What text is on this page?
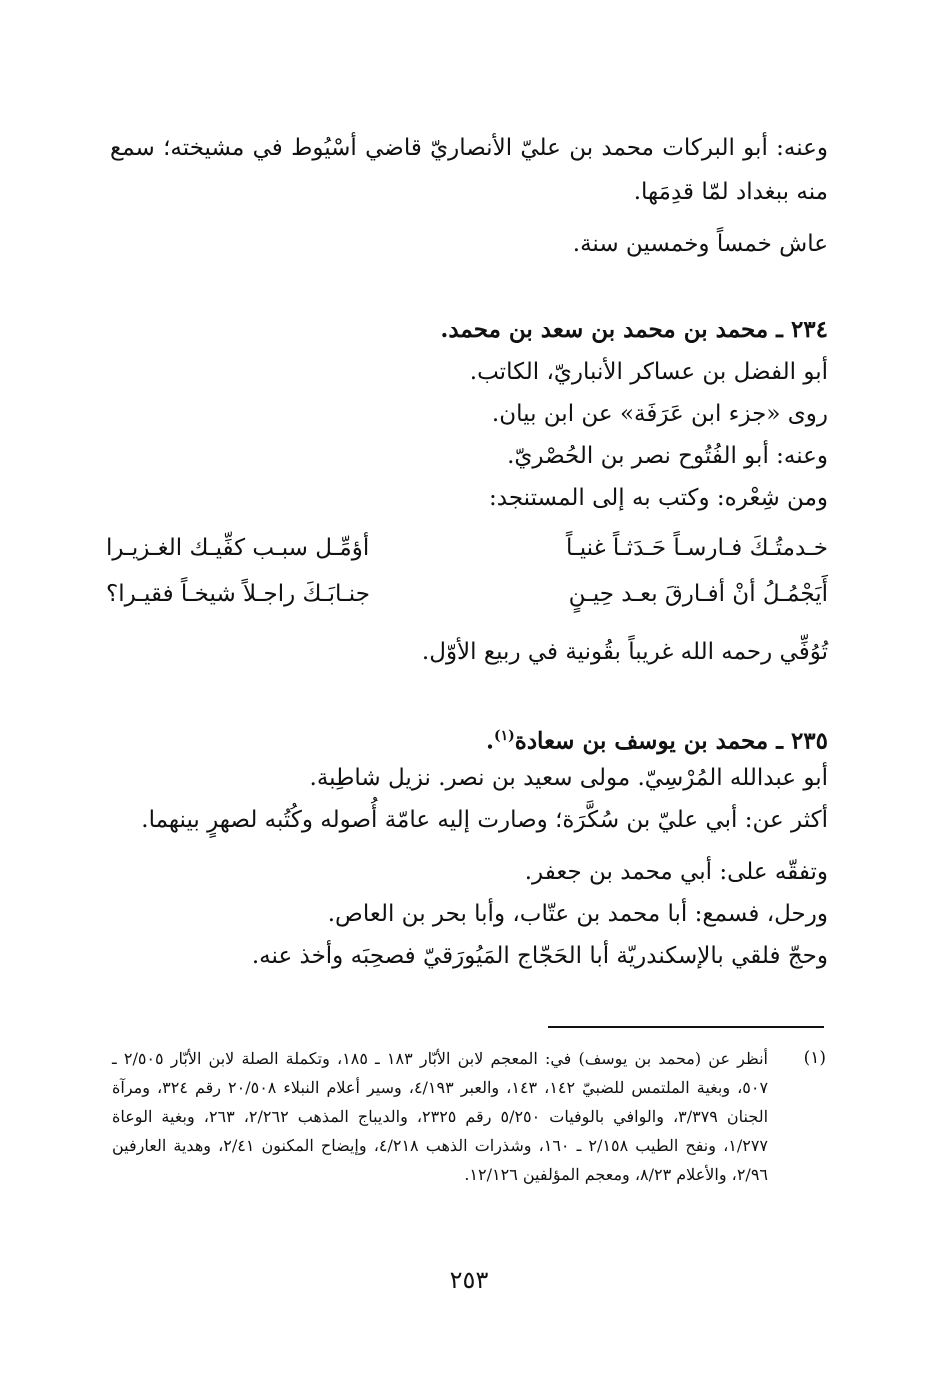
وعنه: أبو البركات محمد بن عليّ الأنصاريّ قاضي أسْيُوط في مشيخته؛ سمع منه ببغداد لمّا قدِمَها.

عاش خمساً وخمسين سنة.

٢٣٤ ـ محمد بن محمد بن سعد بن محمد.

أبو الفضل بن عساكر الأنباريّ، الكاتب.

روى «جزء ابن عَرَفَة» عن ابن بيان.

وعنه: أبو الفُتُوح نصر بن الحُصْريّ.

ومن شِعْره: وكتب به إلى المستنجد:

خـدمتُـكَ فـارسـاً حَـدَثـاً غنيـاً
أؤمِّـل سبـب كفِّيـك الغـزيـرا
أَيَجْمُـلُ أنْ أفـارقَ بعـد حِيـنٍ
جنـابَـكَ راجـلاً شيخـاً فقيـرا؟

تُوُفِّي رحمه الله غريباً بقُونية في ربيع الأوّل.

٢٣٥ ـ محمد بن يوسف بن سعادة$^{(١)}$.

أبو عبدالله المُرْسِيّ. مولى سعيد بن نصر. نزيل شاطِبة.

أكثر عن: أبي عليّ بن سُكَّرَة؛ وصارت إليه عامّة أُصوله وكُتُبه لصهرٍ بينهما.

وتفقّه على: أبي محمد بن جعفر.

ورحل، فسمع: أبا محمد بن عتّاب، وأبا بحر بن العاص.

وحجّ فلقي بالإسكندريّة أبا الحَجّاج المَيُورَقيّ فصحِبَه وأخذ عنه.

(١)

أنظر عن (محمد بن يوسف) في: المعجم لابن الأبّار ١٨٣ ـ ١٨٥، وتكملة الصلة لابن الأبّار ٢/٥٠٥ ـ ٥٠٧، وبغية الملتمس للضبيّ ١٤٢، ١٤٣، والعبر ٤/١٩٣، وسير أعلام النبلاء ٢٠/٥٠٨ رقم ٣٢٤، ومرآة الجنان ٣/٣٧٩، والوافي بالوفيات ٥/٢٥٠ رقم ٢٣٢٥، والديباج المذهب ٢/٢٦٢، ٢٦٣، وبغية الوعاة ١/٢٧٧، ونفح الطيب ٢/١٥٨ ـ ١٦٠، وشذرات الذهب ٤/٢١٨، وإيضاح المكنون ٢/٤١، وهدية العارفين ٢/٩٦، والأعلام ٨/٢٣، ومعجم المؤلفين ١٢/١٢٦.

٢٥٣
